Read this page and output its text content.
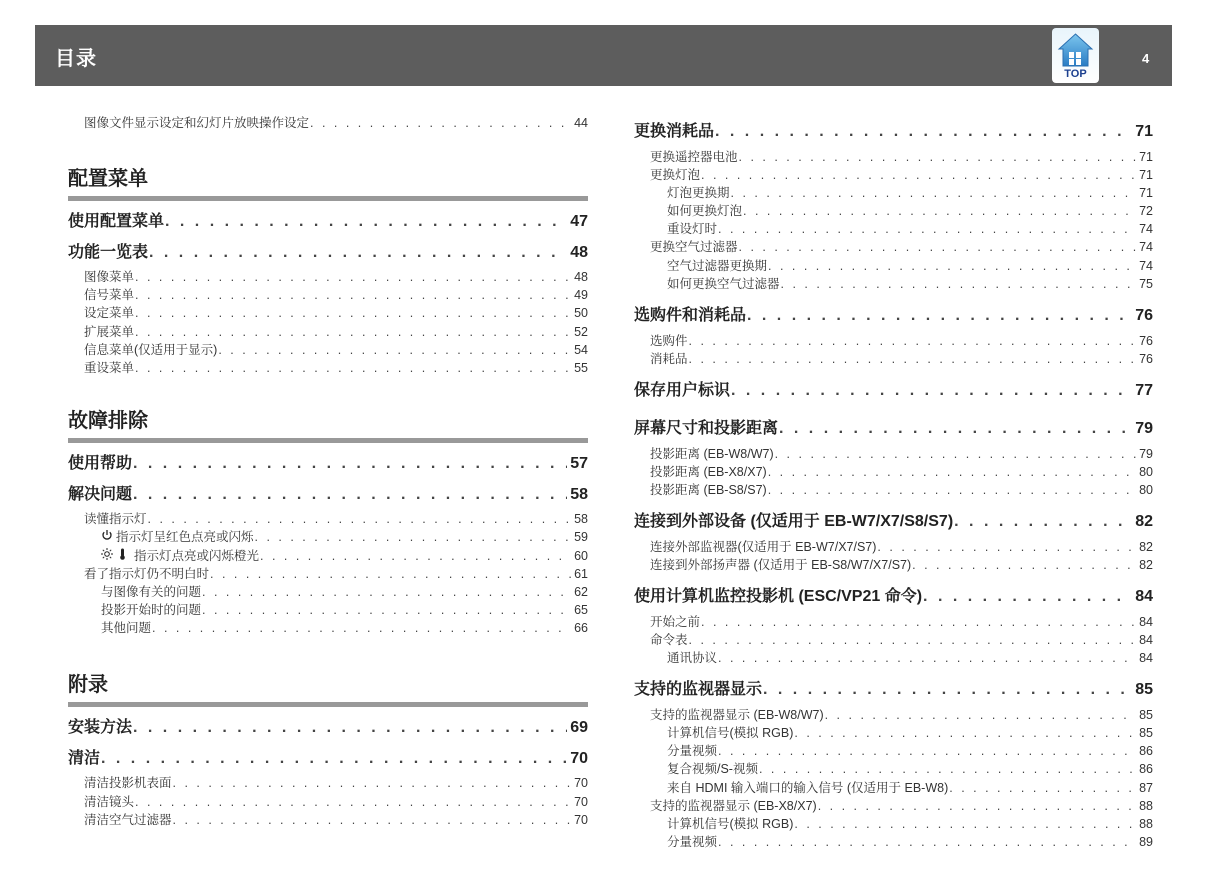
目录
TOP
4
图像文件显示设定和幻灯片放映操作设定 . . .	44
配置菜单
使用配置菜单 . . .	47
功能一览表 . . .	48
图像菜单 . . .	48
信号菜单 . . .	49
设定菜单 . . .	50
扩展菜单 . . .	52
信息菜单(仅适用于显示) . . .	54
重设菜单 . . .	55
故障排除
使用帮助 . . .	57
解决问题 . . .	58
读懂指示灯 . . .	58
指示灯呈红色点亮或闪烁 . . .	59
指示灯点亮或闪烁橙光 . . .	60
看了指示灯仍不明白时 . . .	61
与图像有关的问题 . . .	62
投影开始时的问题 . . .	65
其他问题 . . .	66
附录
安装方法 . . .	69
清洁 . . .	70
清洁投影机表面 . . .	70
清洁镜头 . . .	70
清洁空气过滤器 . . .	70
更换消耗品 . . .	71
更换遥控器电池 . . .	71
更换灯泡 . . .	71
灯泡更换期 . . .	71
如何更换灯泡 . . .	72
重设灯时 . . .	74
更换空气过滤器 . . .	74
空气过滤器更换期 . . .	74
如何更换空气过滤器 . . .	75
选购件和消耗品 . . .	76
选购件 . . .	76
消耗品 . . .	76
保存用户标识 . . .	77
屏幕尺寸和投影距离 . . .	79
投影距离 (EB-W8/W7) . . .	79
投影距离 (EB-X8/X7) . . .	80
投影距离 (EB-S8/S7) . . .	80
连接到外部设备 (仅适用于 EB-W7/X7/S8/S7) . . .	82
连接外部监视器(仅适用于 EB-W7/X7/S7) . . .	82
连接到外部扬声器 (仅适用于 EB-S8/W7/X7/S7) . . .	82
使用计算机监控投影机 (ESC/VP21 命令) . . .	84
开始之前 . . .	84
命令表 . . .	84
通讯协议 . . .	84
支持的监视器显示 . . .	85
支持的监视器显示 (EB-W8/W7) . . .	85
计算机信号(模拟 RGB) . . .	85
分量视频 . . .	86
复合视频/S-视频 . . .	86
来自 HDMI 输入端口的输入信号 (仅适用于 EB-W8) . . .	87
支持的监视器显示 (EB-X8/X7) . . .	88
计算机信号(模拟 RGB) . . .	88
分量视频 . . .	89
